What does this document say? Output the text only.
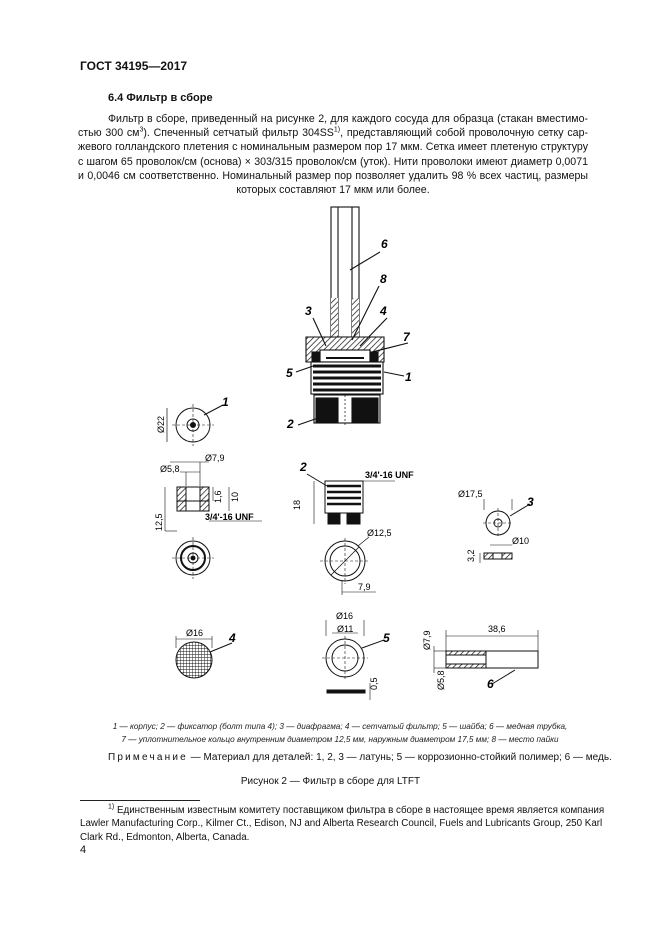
ГОСТ 34195—2017
6.4 Фильтр в сборе
Фильтр в сборе, приведенный на рисунке 2, для каждого сосуда для образца (стакан вместимо-
стью 300 $см^3$). Спеченный сетчатый фильтр 304SS$^{1)}$, представляющий собой проволочную сетку сар-
жевого голландского плетения с номинальным размером пор 17 мкм. Сетка имеет плетеную структуру
с шагом 65 проволок/см (основа) × 303/315 проволок/см (уток). Нити проволоки имеют диаметр 0,0071
и 0,0046 см соответственно. Номинальный размер пор позволяет удалить 98 % всех частиц, размеры
которых составляют 17 мкм или более.
6
8
3	4
7
5	1
2
Ø22
1
Ø7,9
Ø5,8
1,6 10
12,5	3/4'-16 UNF
2
3/4'-16 UNF
18
Ø12,5
7,9
Ø17,5
3
Ø10
3,2
Ø16 4
Ø16
Ø11
5
0,5
38,6
Ø7,9
Ø5,8	6
1 — корпус; 2 — фиксатор (болт типа 4); 3 — диафрагма; 4 — сетчатый фильтр; 5 — шайба; 6 — медная трубка,
7 — уплотнительное кольцо внутренним диаметром 12,5 мм, наружным диаметром 17,5 мм; 8 — место пайки
Примечание — Материал для деталей: 1, 2, 3 — латунь; 5 — коррозионно-стойкий полимер; 6 — медь.
Рисунок 2 — Фильтр в сборе для LTFT
$^{1)}$ Единственным известным комитету поставщиком фильтра в сборе в настоящее время является компания
Lawler Manufacturing Corp., Kilmer Ct., Edison, NJ and Alberta Research Council, Fuels and Lubricants Group, 250 Karl
Clark Rd., Edmonton, Alberta, Canada.
4
